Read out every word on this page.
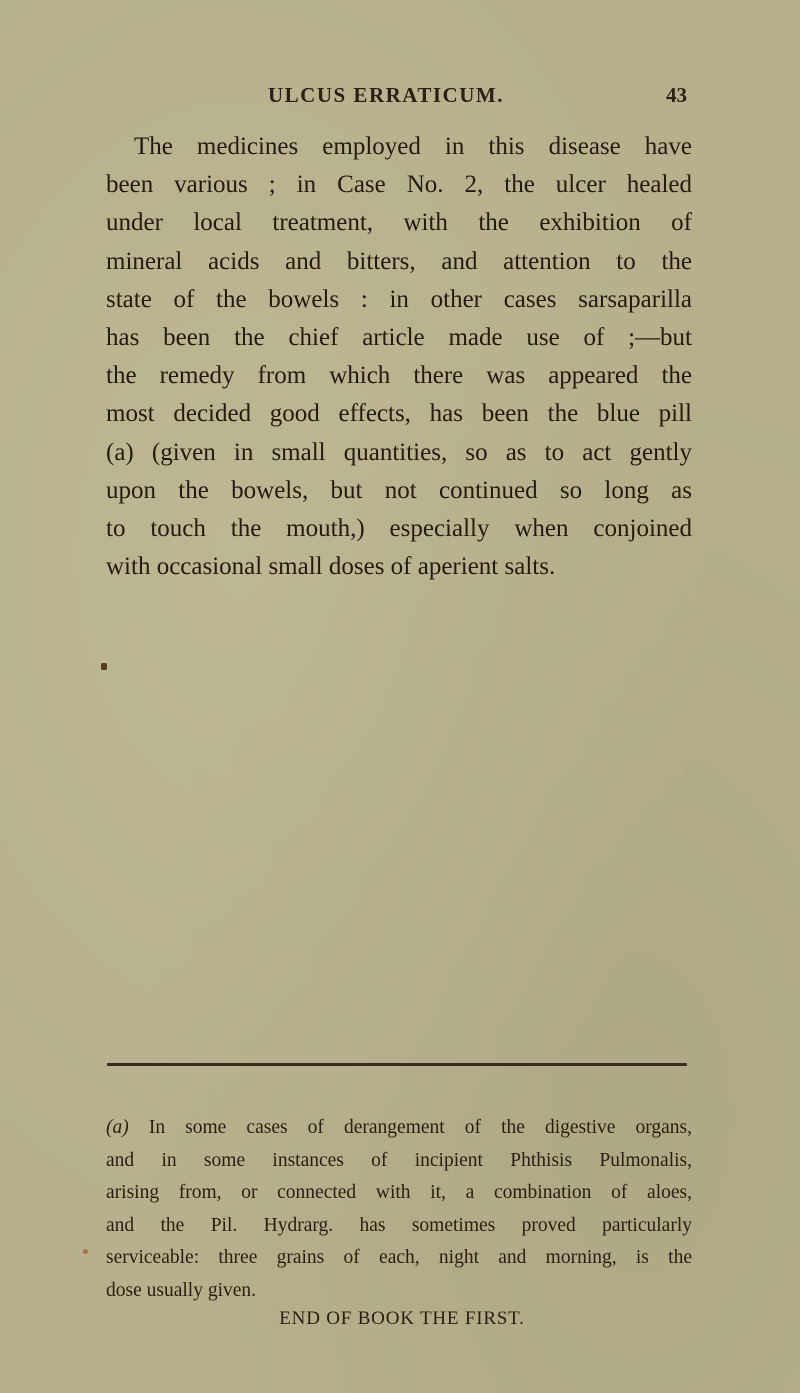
ULCUS ERRATICUM.	43
The medicines employed in this disease have
been various ; in Case No. 2, the ulcer healed
under local treatment, with the exhibition of
mineral acids and bitters, and attention to the
state of the bowels : in other cases sarsaparilla
has been the chief article made use of ;—but
the remedy from which there was appeared the
most decided good effects, has been the blue pill
(a) (given in small quantities, so as to act gently
upon the bowels, but not continued so long as
to touch the mouth,) especially when conjoined
with occasional small doses of aperient salts.
(a) In some cases of derangement of the digestive organs,
and in some instances of incipient Phthisis Pulmonalis,
arising from, or connected with it, a combination of aloes,
and the Pil. Hydrarg. has sometimes proved particularly
serviceable: three grains of each, night and morning, is the
dose usually given.
END OF BOOK THE FIRST.
